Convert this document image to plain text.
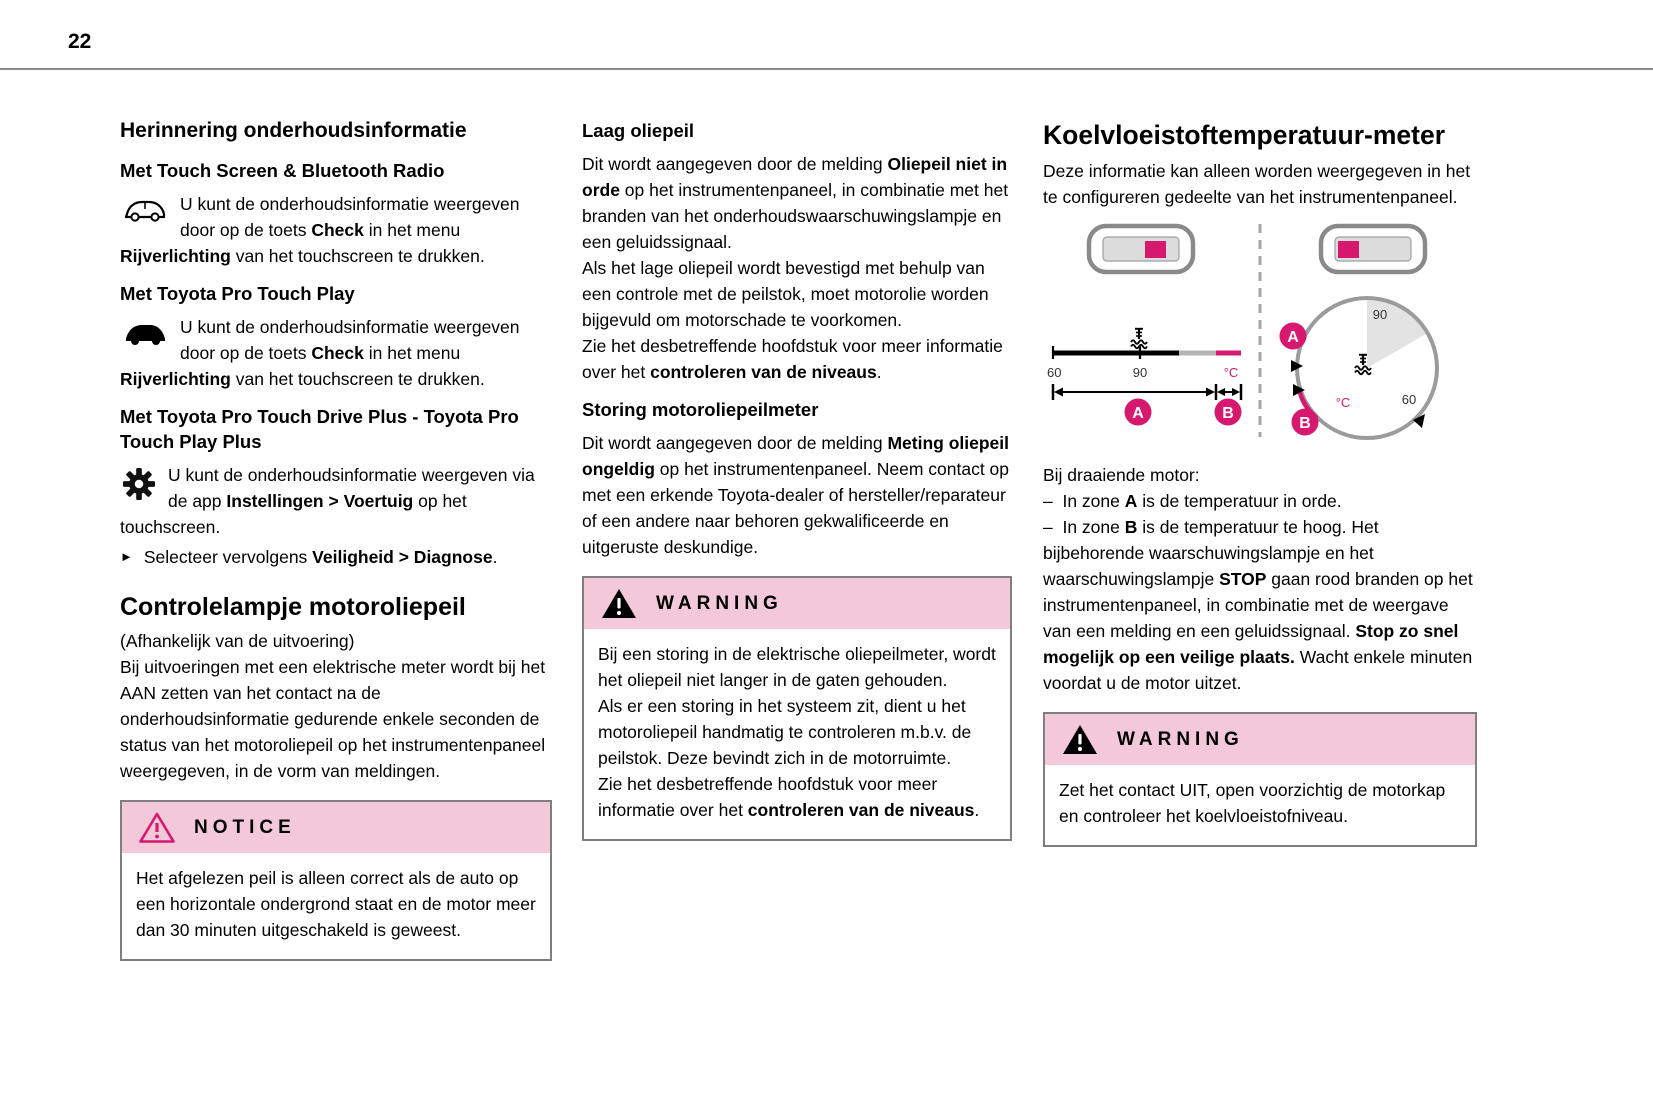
22
Herinnering onderhoudsinformatie
Met Touch Screen & Bluetooth Radio

U kunt de onderhoudsinformatie weergeven door op de toets Check in het menu Rijverlichting van het touchscreen te drukken.

Met Toyota Pro Touch Play

U kunt de onderhoudsinformatie weergeven door op de toets Check in het menu Rijverlichting van het touchscreen te drukken.

Met Toyota Pro Touch Drive Plus - Toyota Pro Touch Play Plus

U kunt de onderhoudsinformatie weergeven via de app Instellingen > Voertuig op het touchscreen.

► Selecteer vervolgens Veiligheid > Diagnose.

Controlelampje motoroliepeil

(Afhankelijk van de uitvoering)

Bij uitvoeringen met een elektrische meter wordt bij het AAN zetten van het contact na de onderhoudsinformatie gedurende enkele seconden de status van het motoroliepeil op het instrumentenpaneel weergegeven, in de vorm van meldingen.

NOTICE

Het afgelezen peil is alleen correct als de auto op een horizontale ondergrond staat en de motor meer dan 30 minuten uitgeschakeld is geweest.

Laag oliepeil

Dit wordt aangegeven door de melding Oliepeil niet in orde op het instrumentenpaneel, in combinatie met het branden van het onderhoudswaarschuwingslampje en een geluidssignaal.

Als het lage oliepeil wordt bevestigd met behulp van een controle met de peilstok, moet motorolie worden bijgevuld om motorschade te voorkomen.

Zie het desbetreffende hoofdstuk voor meer informatie over het controleren van de niveaus.

Storing motoroliepeilmeter

Dit wordt aangegeven door de melding Meting oliepeil ongeldig op het instrumentenpaneel. Neem contact op met een erkende Toyota-dealer of hersteller/reparateur of een andere naar behoren gekwalificeerde en uitgeruste deskundige.

WARNING

Bij een storing in de elektrische oliepeilmeter, wordt het oliepeil niet langer in de gaten gehouden.

Als er een storing in het systeem zit, dient u het motoroliepeil handmatig te controleren m.b.v. de peilstok. Deze bevindt zich in de motorruimte.

Zie het desbetreffende hoofdstuk voor meer informatie over het controleren van de niveaus.

Koelvloeistoftemperatuur-meter

Deze informatie kan alleen worden weergegeven in het te configureren gedeelte van het instrumentenpaneel.

60	90	°C
A	B
90
60
°C
A
B

Bij draaiende motor:

–  In zone A is de temperatuur in orde.

–  In zone B is de temperatuur te hoog. Het bijbehorende waarschuwingslampje en het waarschuwingslampje STOP gaan rood branden op het instrumentenpaneel, in combinatie met de weergave van een melding en een geluidssignaal. Stop zo snel mogelijk op een veilige plaats. Wacht enkele minuten voordat u de motor uitzet.

WARNING

Zet het contact UIT, open voorzichtig de motorkap en controleer het koelvloeistofniveau.
